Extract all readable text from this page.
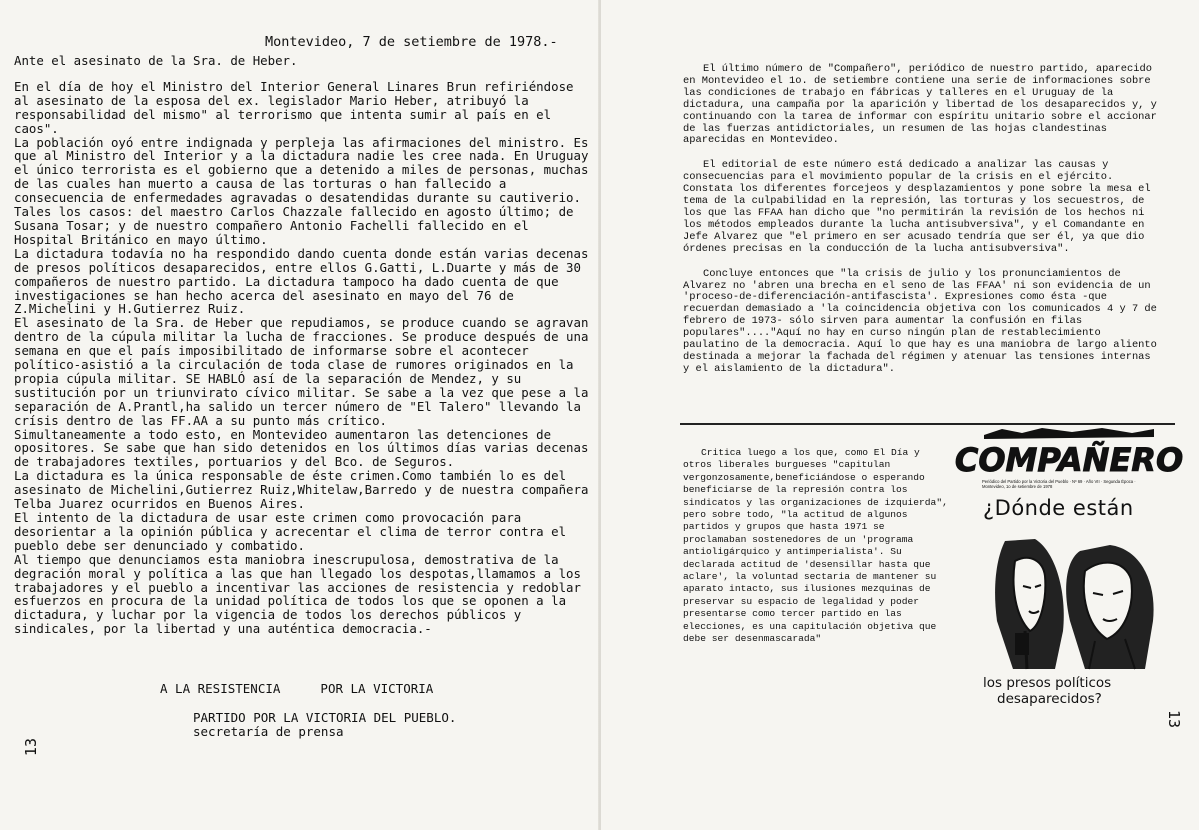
Montevideo, 7 de setiembre de 1978.-

Ante el asesinato de la Sra. de Heber.

En el día de hoy el Ministro del Interior General Linares Brun refiriéndose al asesinato de la esposa del ex. legislador Mario Heber, atribuyó la responsabilidad del mismo" al terrorismo que intenta sumir al país en el caos".

La población oyó entre indignada y perpleja las afirmaciones del ministro. Es que al Ministro del Interior y a la dictadura nadie les cree nada. En Uruguay el único terrorista es el gobierno que a detenido a miles de personas, muchas de las cuales han muerto a causa de las torturas o han fallecido a consecuencia de enfermedades agravadas o desatendidas durante su cautiverio. Tales los casos: del maestro Carlos Chazzale fallecido en agosto último; de Susana Tosar; y de nuestro compañero Antonio Fachelli fallecido en el Hospital Británico en mayo último.

La dictadura todavía no ha respondido dando cuenta donde están varias decenas de presos políticos desaparecidos, entre ellos G.Gatti, L.Duarte y más de 30 compañeros de nuestro partido. La dictadura tampoco ha dado cuenta de que investigaciones se han hecho acerca del asesinato en mayo del 76 de Z.Michelini y H.Gutierrez Ruiz.

El asesinato de la Sra. de Heber que repudiamos, se produce cuando se agravan dentro de la cúpula militar la lucha de fracciones. Se produce después de una semana en que el país imposibilitado de informarse sobre el acontecer político-asistió a la circulación de toda clase de rumores originados en la propia cúpula militar. SE HABLÓ así de la separación de Mendez, y su sustitución por un triunvirato cívico militar. Se sabe a la vez que pese a la separación de A.Prantl,ha salido un tercer número de "El Talero" llevando la crísis dentro de las FF.AA a su punto más crítico.

Simultaneamente a todo esto, en Montevideo aumentaron las detenciones de opositores. Se sabe que han sido detenidos en los últimos días varias decenas de trabajadores textiles, portuarios y del Bco. de Seguros.

La dictadura es la única responsable de éste crimen.Como también lo es del asesinato de Michelini,Gutierrez Ruiz,Whitelaw,Barredo y de nuestra compañera Telba Juarez ocurridos en Buenos Aires.

El intento de la dictadura de usar este crimen como provocación para desorientar a la opinión pública y acrecentar el clima de terror contra el pueblo debe ser denunciado y combatido.

Al tiempo que denunciamos esta maniobra inescrupulosa, demostrativa de la degración moral y política a las que han llegado los despotas,llamamos a los trabajadores y el pueblo a incentivar las acciones de resistencia y redoblar esfuerzos en procura de la unidad política de todos los que se oponen a la dictadura, y luchar por la vigencia de todos los derechos públicos y sindicales, por la libertad y una auténtica democracia.-

A LA RESISTENCIA	POR LA VICTORIA
PARTIDO POR LA VICTORIA DEL PUEBLO.
secretaría de prensa
13

El último número de "Compañero", periódico de nuestro partido, aparecido en Montevideo el 1o. de setiembre contiene una serie de informaciones sobre las condiciones de trabajo en fábricas y talleres en el Uruguay de la dictadura, una campaña por la aparición y libertad de los desaparecidos y, y continuando con la tarea de informar con espíritu unitario sobre el accionar de las fuerzas antidictoriales, un resumen de las hojas clandestinas aparecidas en Montevideo.

El editorial de este número está dedicado a analizar las causas y consecuencias para el movimiento popular de la crisis en el ejército. Constata los diferentes forcejeos y desplazamientos y pone sobre la mesa el tema de la culpabilidad en la represión, las torturas y los secuestros, de los que las FFAA han dicho que "no permitirán la revisión de los hechos ni los métodos empleados durante la lucha antisubversiva", y el Comandante en Jefe Alvarez que "el primero en ser acusado tendría que ser él, ya que dio órdenes precisas en la conducción de la lucha antisubversiva".

Concluye entonces que "la crisis de julio y los pronunciamientos de Alvarez no 'abren una brecha en el seno de las FFAA' ni son evidencia de un 'proceso-de-diferenciación-antifascista'. Expresiones como ésta -que recuerdan demasiado a 'la coincidencia objetiva con los comunicados 4 y 7 de febrero de 1973- sólo sirven para aumentar la confusión en filas populares"...."Aquí no hay en curso ningún plan de restablecimiento paulatino de la democracia. Aquí lo que hay es una maniobra de largo aliento destinada a mejorar la fachada del régimen y atenuar las tensiones internas y el aislamiento de la dictadura".

Critica luego a los que, como El Día y otros liberales burgueses "capitulan vergonzosamente,beneficiándose o esperando beneficiarse de la represión contra los sindicatos y las organizaciones de izquierda", pero sobre todo, "la actitud de algunos partidos y grupos que hasta 1971 se proclamaban sostenedores de un 'programa antioligárquico y antimperialista'. Su declarada actitud de 'desensillar hasta que aclare', la voluntad sectaria de mantener su aparato intacto, sus ilusiones mezquinas de preservar su espacio de legalidad y poder presentarse como tercer partido en las elecciones, es una capitulación objetiva que debe ser desenmascarada"
COMPAÑERO
Periódico del Partido por la Victoria del Pueblo · Nº 69 · Año VII · Segunda Época · Montevideo, 1o de setiembre de 1978
¿Dónde están
los presos políticos
desaparecidos?
13
